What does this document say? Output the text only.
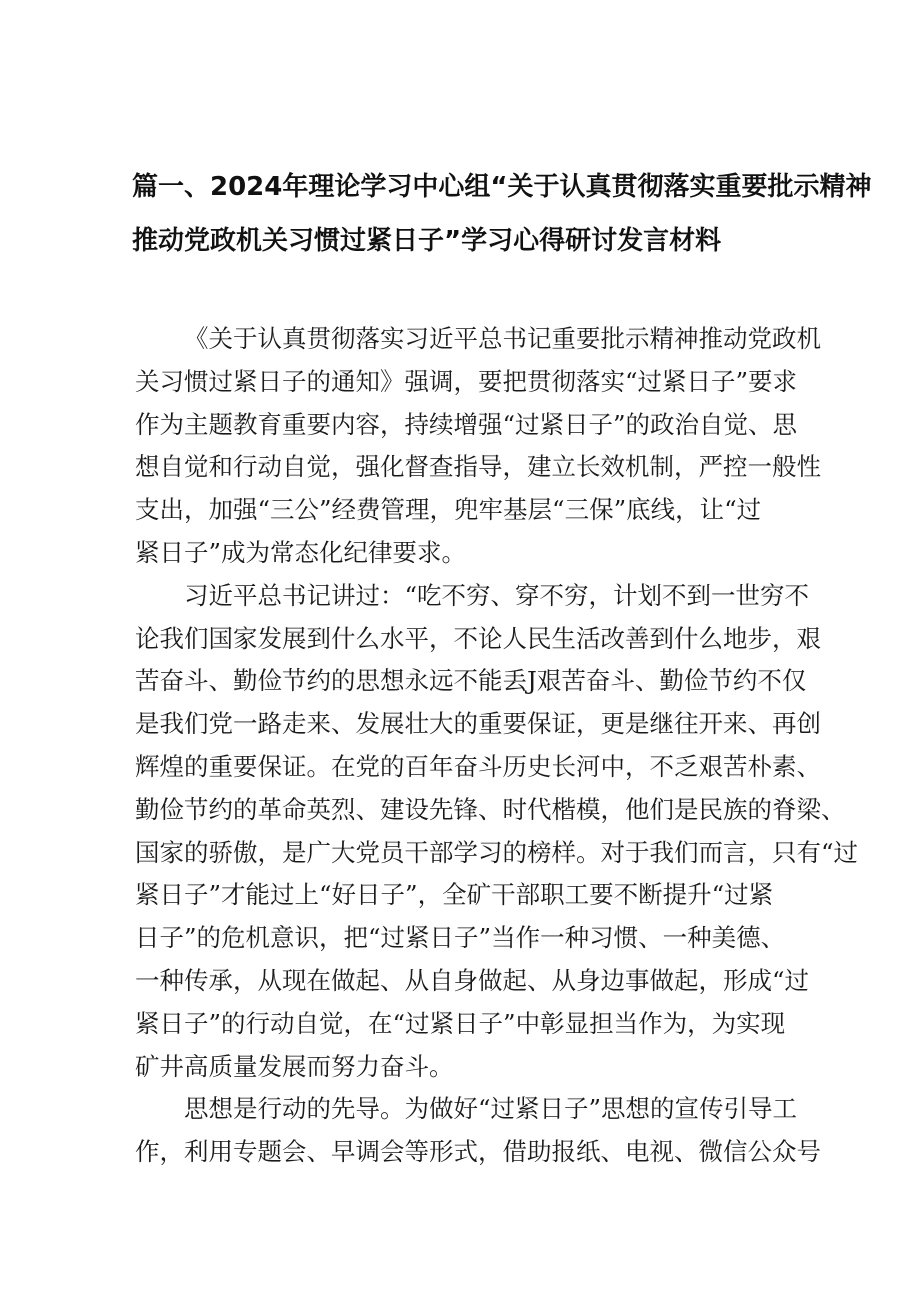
篇一、2024年理论学习中心组“关于认真贯彻落实重要批示精神
推动党政机关习惯过紧日子”学习心得研讨发言材料

《关于认真贯彻落实习近平总书记重要批示精神推动党政机
关习惯过紧日子的通知》强调，要把贯彻落实“过紧日子”要求
作为主题教育重要内容，持续增强“过紧日子”的政治自觉、思
想自觉和行动自觉，强化督查指导，建立长效机制，严控一般性
支出，加强“三公”经费管理，兜牢基层“三保”底线，让“过
紧日子”成为常态化纪律要求。

习近平总书记讲过：“吃不穷、穿不穷，计划不到一世穷不
论我们国家发展到什么水平，不论人民生活改善到什么地步，艰
苦奋斗、勤俭节约的思想永远不能丢J艰苦奋斗、勤俭节约不仅
是我们党一路走来、发展壮大的重要保证，更是继往开来、再创
辉煌的重要保证。在党的百年奋斗历史长河中，不乏艰苦朴素、
勤俭节约的革命英烈、建设先锋、时代楷模，他们是民族的脊梁、
国家的骄傲，是广大党员干部学习的榜样。对于我们而言，只有“过
紧日子”才能过上“好日子”，全矿干部职工要不断提升“过紧
日子”的危机意识，把“过紧日子”当作一种习惯、一种美德、
一种传承，从现在做起、从自身做起、从身边事做起，形成“过
紧日子”的行动自觉，在“过紧日子”中彰显担当作为，为实现
矿井高质量发展而努力奋斗。

思想是行动的先导。为做好“过紧日子”思想的宣传引导工
作，利用专题会、早调会等形式，借助报纸、电视、微信公众号
